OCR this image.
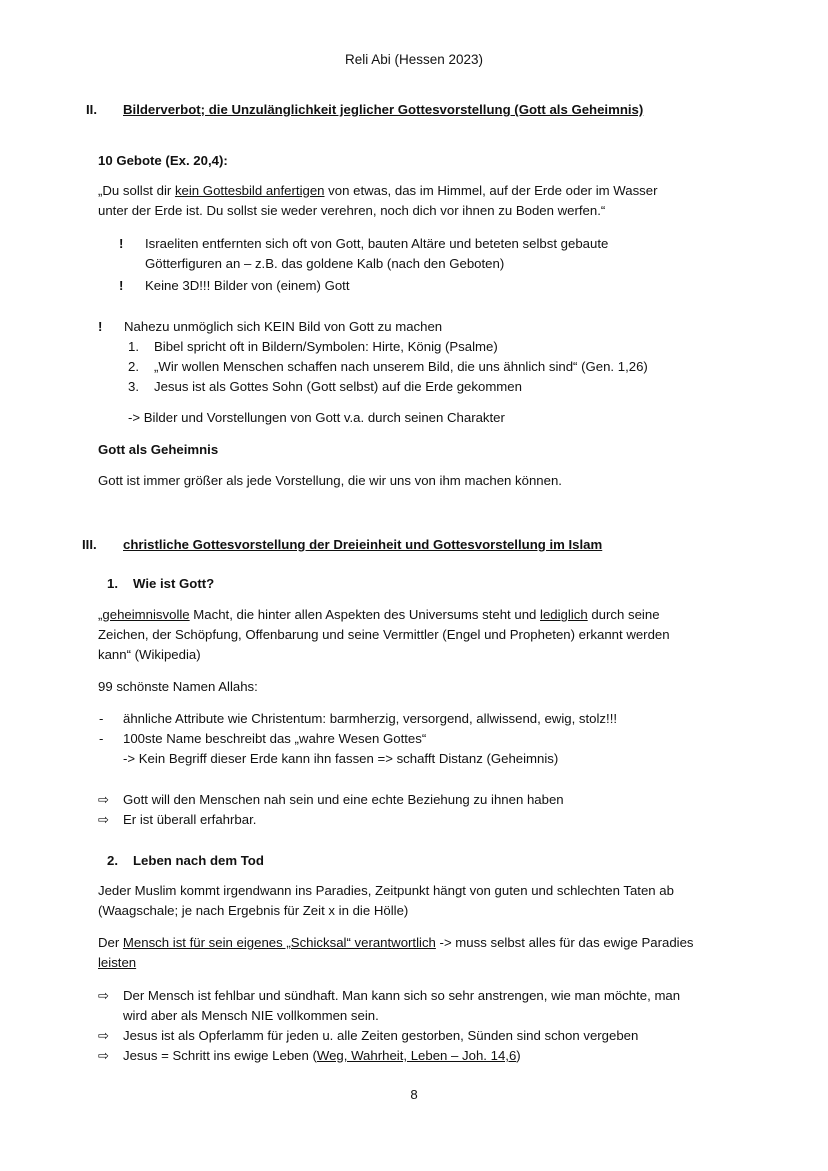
Reli Abi (Hessen 2023)
II. Bilderverbot; die Unzulänglichkeit jeglicher Gottesvorstellung (Gott als Geheimnis)
10 Gebote (Ex. 20,4):
„Du sollst dir kein Gottesbild anfertigen von etwas, das im Himmel, auf der Erde oder im Wasser
unter der Erde ist. Du sollst sie weder verehren, noch dich vor ihnen zu Boden werfen.“
! Israeliten entfernten sich oft von Gott, bauten Altäre und beteten selbst gebaute
Götterfiguren an – z.B. das goldene Kalb (nach den Geboten)
! Keine 3D!!! Bilder von (einem) Gott
! Nahezu unmöglich sich KEIN Bild von Gott zu machen
1. Bibel spricht oft in Bildern/Symbolen: Hirte, König (Psalme)
2. „Wir wollen Menschen schaffen nach unserem Bild, die uns ähnlich sind“ (Gen. 1,26)
3. Jesus ist als Gottes Sohn (Gott selbst) auf die Erde gekommen
-> Bilder und Vorstellungen von Gott v.a. durch seinen Charakter
Gott als Geheimnis
Gott ist immer größer als jede Vorstellung, die wir uns von ihm machen können.
III. christliche Gottesvorstellung der Dreieinheit und Gottesvorstellung im Islam
1. Wie ist Gott?
„geheimnisvolle Macht, die hinter allen Aspekten des Universums steht und lediglich durch seine
Zeichen, der Schöpfung, Offenbarung und seine Vermittler (Engel und Propheten) erkannt werden
kann“ (Wikipedia)
99 schönste Namen Allahs:
- ähnliche Attribute wie Christentum: barmherzig, versorgend, allwissend, ewig, stolz!!!
- 100ste Name beschreibt das „wahre Wesen Gottes“
-> Kein Begriff dieser Erde kann ihn fassen => schafft Distanz (Geheimnis)
⇨ Gott will den Menschen nah sein und eine echte Beziehung zu ihnen haben
⇨ Er ist überall erfahrbar.
2. Leben nach dem Tod
Jeder Muslim kommt irgendwann ins Paradies, Zeitpunkt hängt von guten und schlechten Taten ab
(Waagschale; je nach Ergebnis für Zeit x in die Hölle)
Der Mensch ist für sein eigenes „Schicksal“ verantwortlich -> muss selbst alles für das ewige Paradies
leisten
⇨ Der Mensch ist fehlbar und sündhaft. Man kann sich so sehr anstrengen, wie man möchte, man
wird aber als Mensch NIE vollkommen sein.
⇨ Jesus ist als Opferlamm für jeden u. alle Zeiten gestorben, Sünden sind schon vergeben
⇨ Jesus = Schritt ins ewige Leben (Weg, Wahrheit, Leben – Joh. 14,6)
8
